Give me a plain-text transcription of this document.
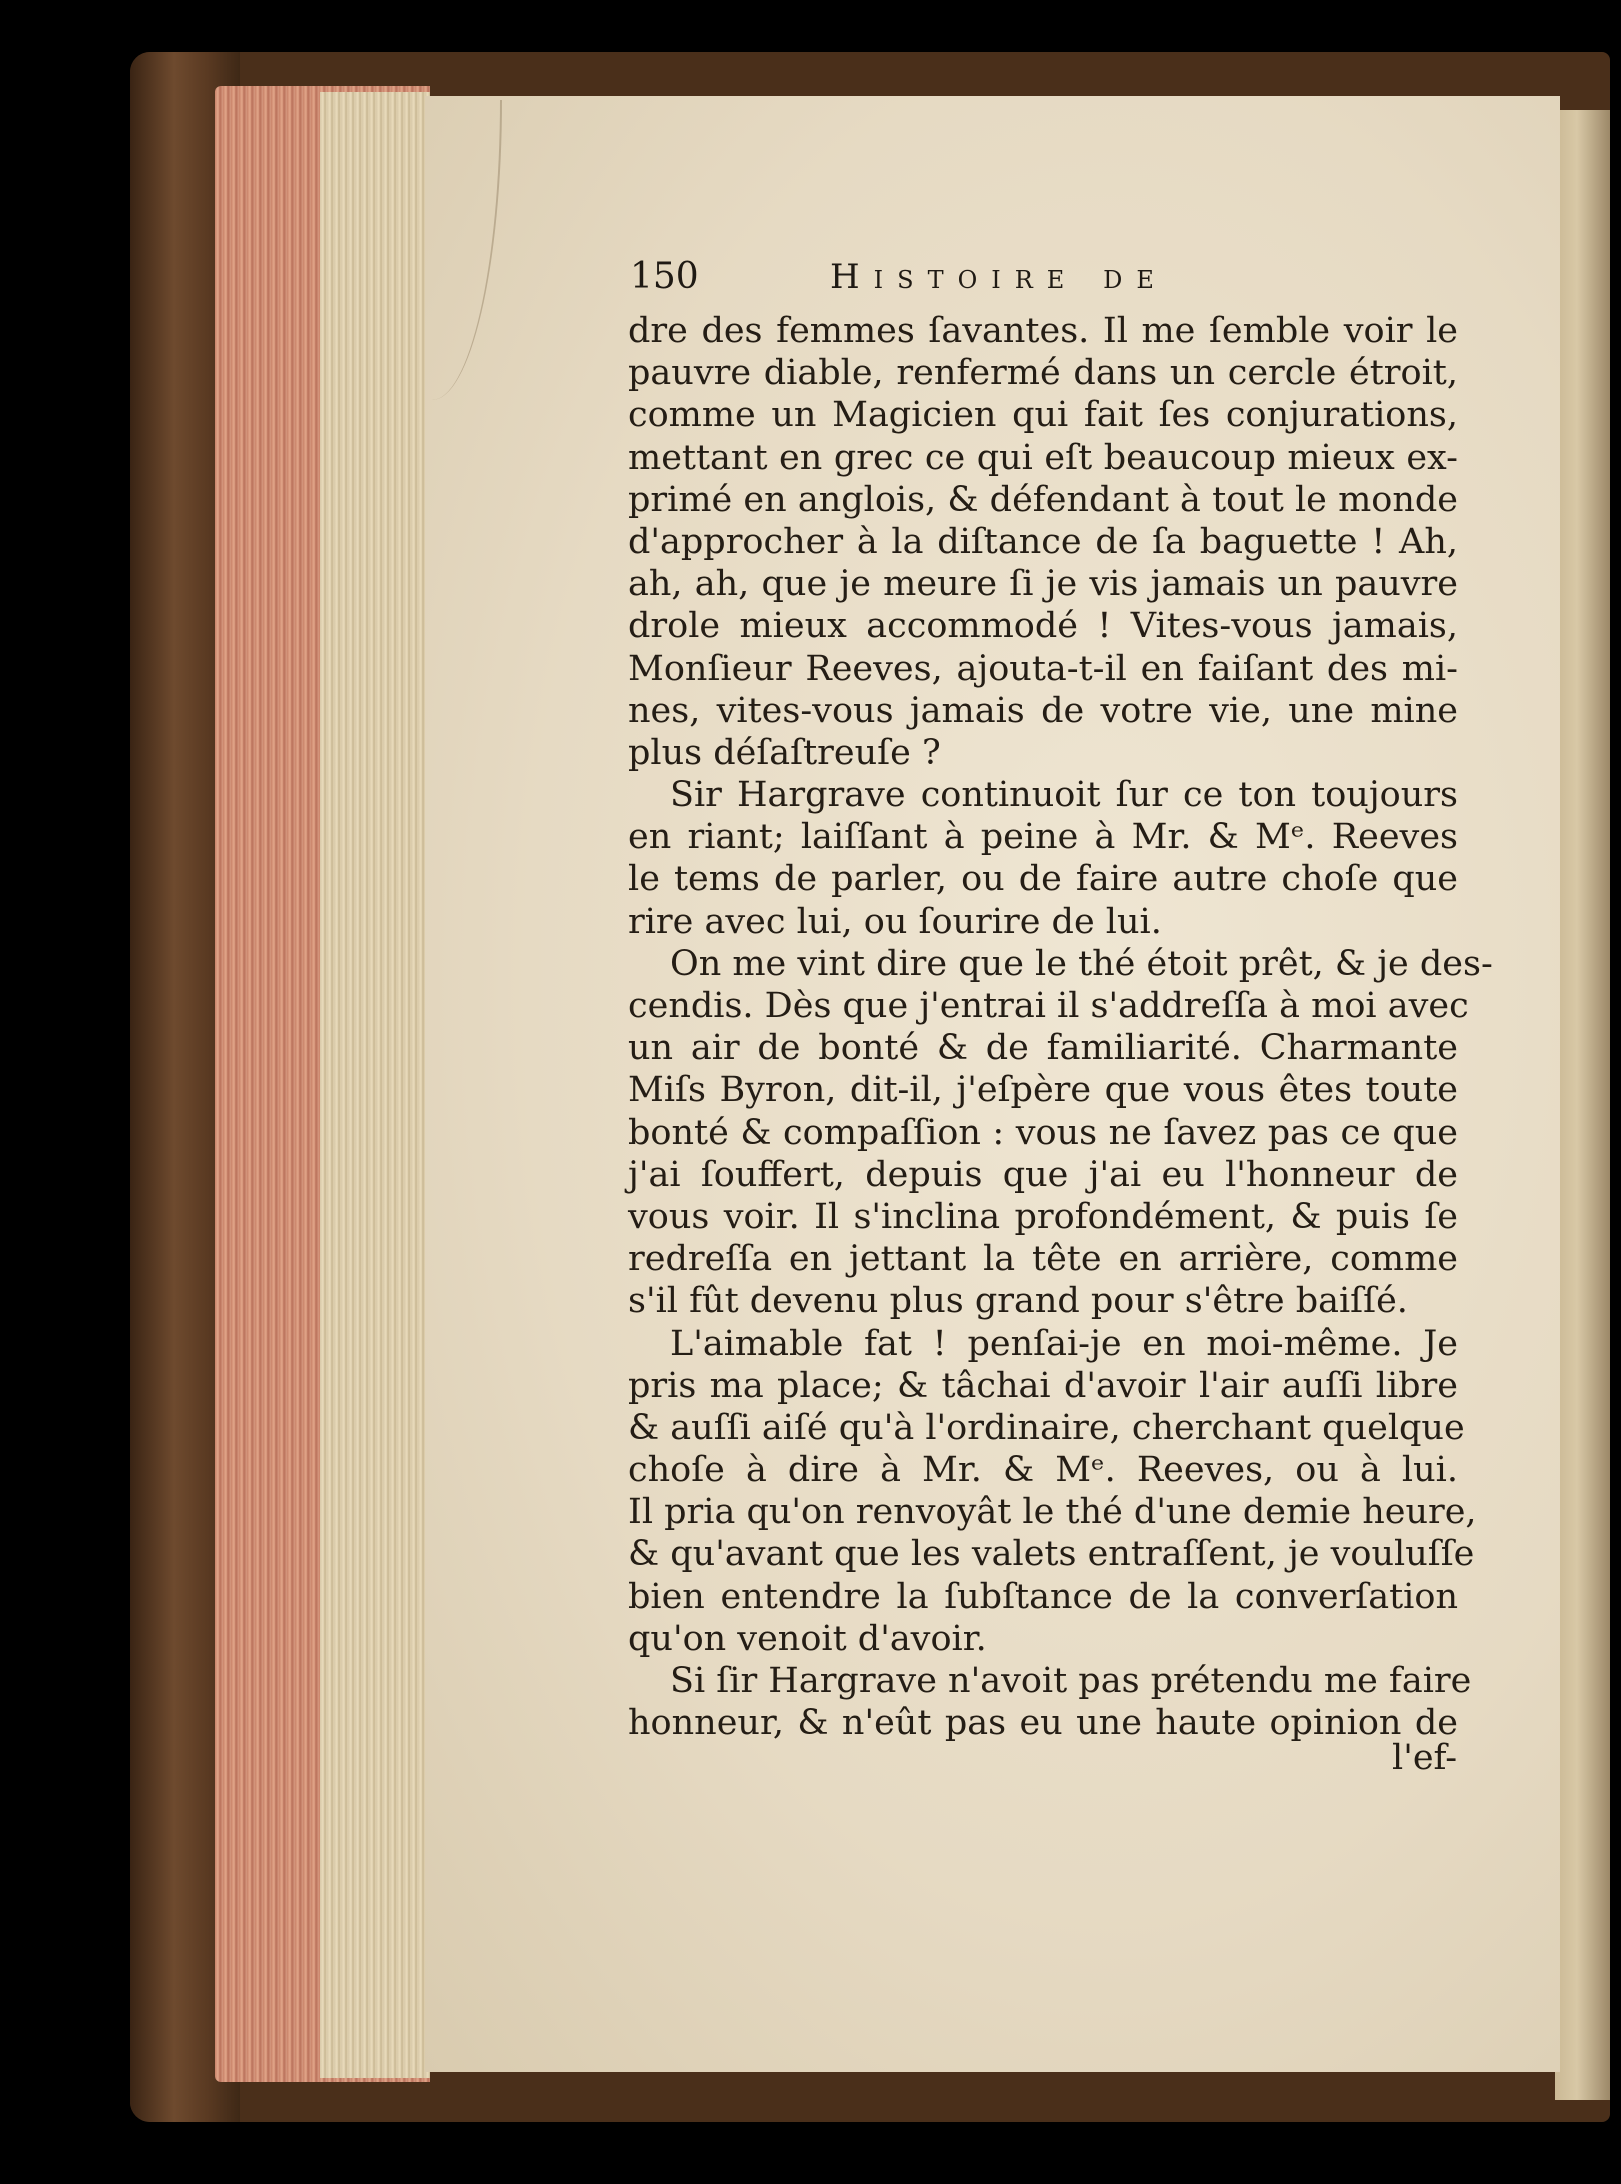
150	Histoire de
dre des femmes ſavantes. Il me ſemble voir le
pauvre diable, renfermé dans un cercle étroit,
comme un Magicien qui fait ſes conjurations,
mettant en grec ce qui eſt beaucoup mieux ex-
primé en anglois, & défendant à tout le monde
d'approcher à la diſtance de ſa baguette ! Ah,
ah, ah, que je meure ſi je vis jamais un pauvre
drole mieux accommodé ! Vites-vous jamais,
Monſieur Reeves, ajouta-t-il en faiſant des mi-
nes, vites-vous jamais de votre vie, une mine
plus déſaſtreuſe ?
Sir Hargrave continuoit ſur ce ton toujours
en riant; laiſſant à peine à Mr. & Mᵉ. Reeves
le tems de parler, ou de faire autre choſe que
rire avec lui, ou ſourire de lui.
On me vint dire que le thé étoit prêt, & je des-
cendis. Dès que j'entrai il s'addreſſa à moi avec
un air de bonté & de familiarité. Charmante
Miſs Byron, dit-il, j'eſpère que vous êtes toute
bonté & compaſſion : vous ne ſavez pas ce que
j'ai ſouffert, depuis que j'ai eu l'honneur de
vous voir. Il s'inclina profondément, & puis ſe
redreſſa en jettant la tête en arrière, comme
s'il fût devenu plus grand pour s'être baiſſé.
L'aimable fat ! penſai-je en moi-même. Je
pris ma place; & tâchai d'avoir l'air auſſi libre
& auſſi aiſé qu'à l'ordinaire, cherchant quelque
choſe à dire à Mr. & Mᵉ. Reeves, ou à lui.
Il pria qu'on renvoyât le thé d'une demie heure,
& qu'avant que les valets entraſſent, je vouluſſe
bien entendre la ſubſtance de la converſation
qu'on venoit d'avoir.
Si ſir Hargrave n'avoit pas prétendu me faire
honneur, & n'eût pas eu une haute opinion de
l'ef-
